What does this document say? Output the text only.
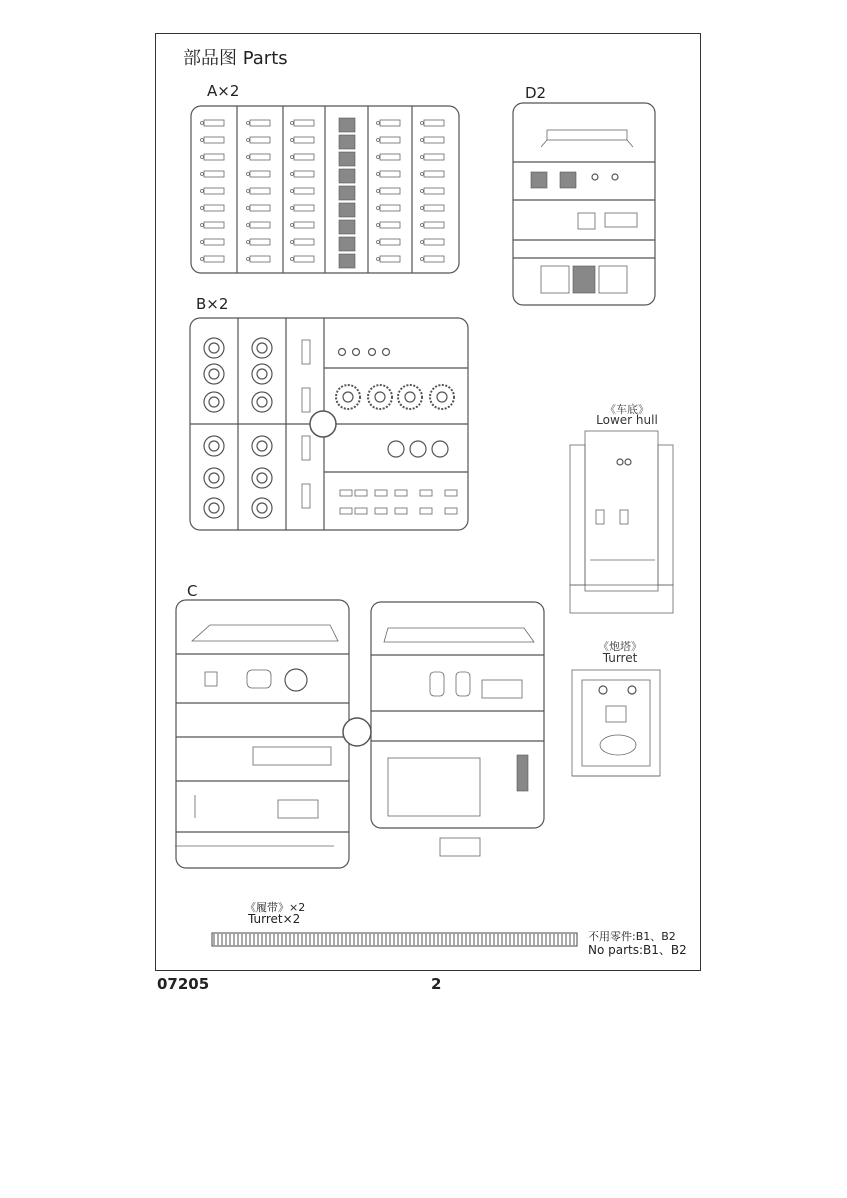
部品图 Parts
A×2	D2
B×2
C
《车底》
Lower hull
《炮塔》
Turret
《履带》×2
Turret×2
不用零件:B1、B2
No parts:B1、B2
07205	2
